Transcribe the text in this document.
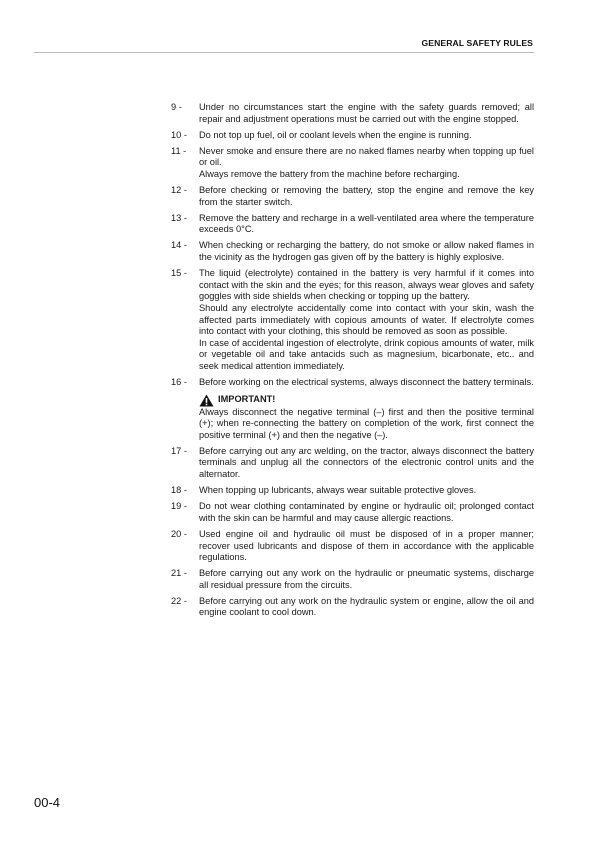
GENERAL SAFETY RULES
9 -	Under no circumstances start the engine with the safety guards removed; all repair and adjustment operations must be carried out with the engine stopped.

10 -	Do not top up fuel, oil or coolant levels when the engine is running.

11 -	Never smoke and ensure there are no naked flames nearby when topping up fuel or oil.

Always remove the battery from the machine before recharging.

12 -	Before checking or removing the battery, stop the engine and remove the key from the starter switch.

13 -	Remove the battery and recharge in a well-ventilated area where the temperature exceeds 0°C.

14 -	When checking or recharging the battery, do not smoke or allow naked flames in the vicinity as the hydrogen gas given off by the battery is highly explosive.

15 -	The liquid (electrolyte) contained in the battery is very harmful if it comes into contact with the skin and the eyes; for this reason, always wear gloves and safety goggles with side shields when checking or topping up the battery.

Should any electrolyte accidentally come into contact with your skin, wash the affected parts immediately with copious amounts of water. If electrolyte comes into contact with your clothing, this should be removed as soon as possible.

In case of accidental ingestion of electrolyte, drink copious amounts of water, milk or vegetable oil and take antacids such as magnesium, bicarbonate, etc.. and seek medical attention immediately.

16 -	Before working on the electrical systems, always disconnect the battery terminals.

IMPORTANT!

Always disconnect the negative terminal (–) first and then the positive terminal (+); when re-connecting the battery on completion of the work, first connect the positive terminal (+) and then the negative (–).

17 -	Before carrying out any arc welding, on the tractor, always disconnect the battery terminals and unplug all the connectors of the electronic control units and the alternator.

18 -	When topping up lubricants, always wear suitable protective gloves.

19 -	Do not wear clothing contaminated by engine or hydraulic oil; prolonged contact with the skin can be harmful and may cause allergic reactions.

20 -	Used engine oil and hydraulic oil must be disposed of in a proper manner; recover used lubricants and dispose of them in accordance with the applicable regulations.

21 -	Before carrying out any work on the hydraulic or pneumatic systems, discharge all residual pressure from the circuits.

22 -	Before carrying out any work on the hydraulic system or engine, allow the oil and engine coolant to cool down.

00-4
